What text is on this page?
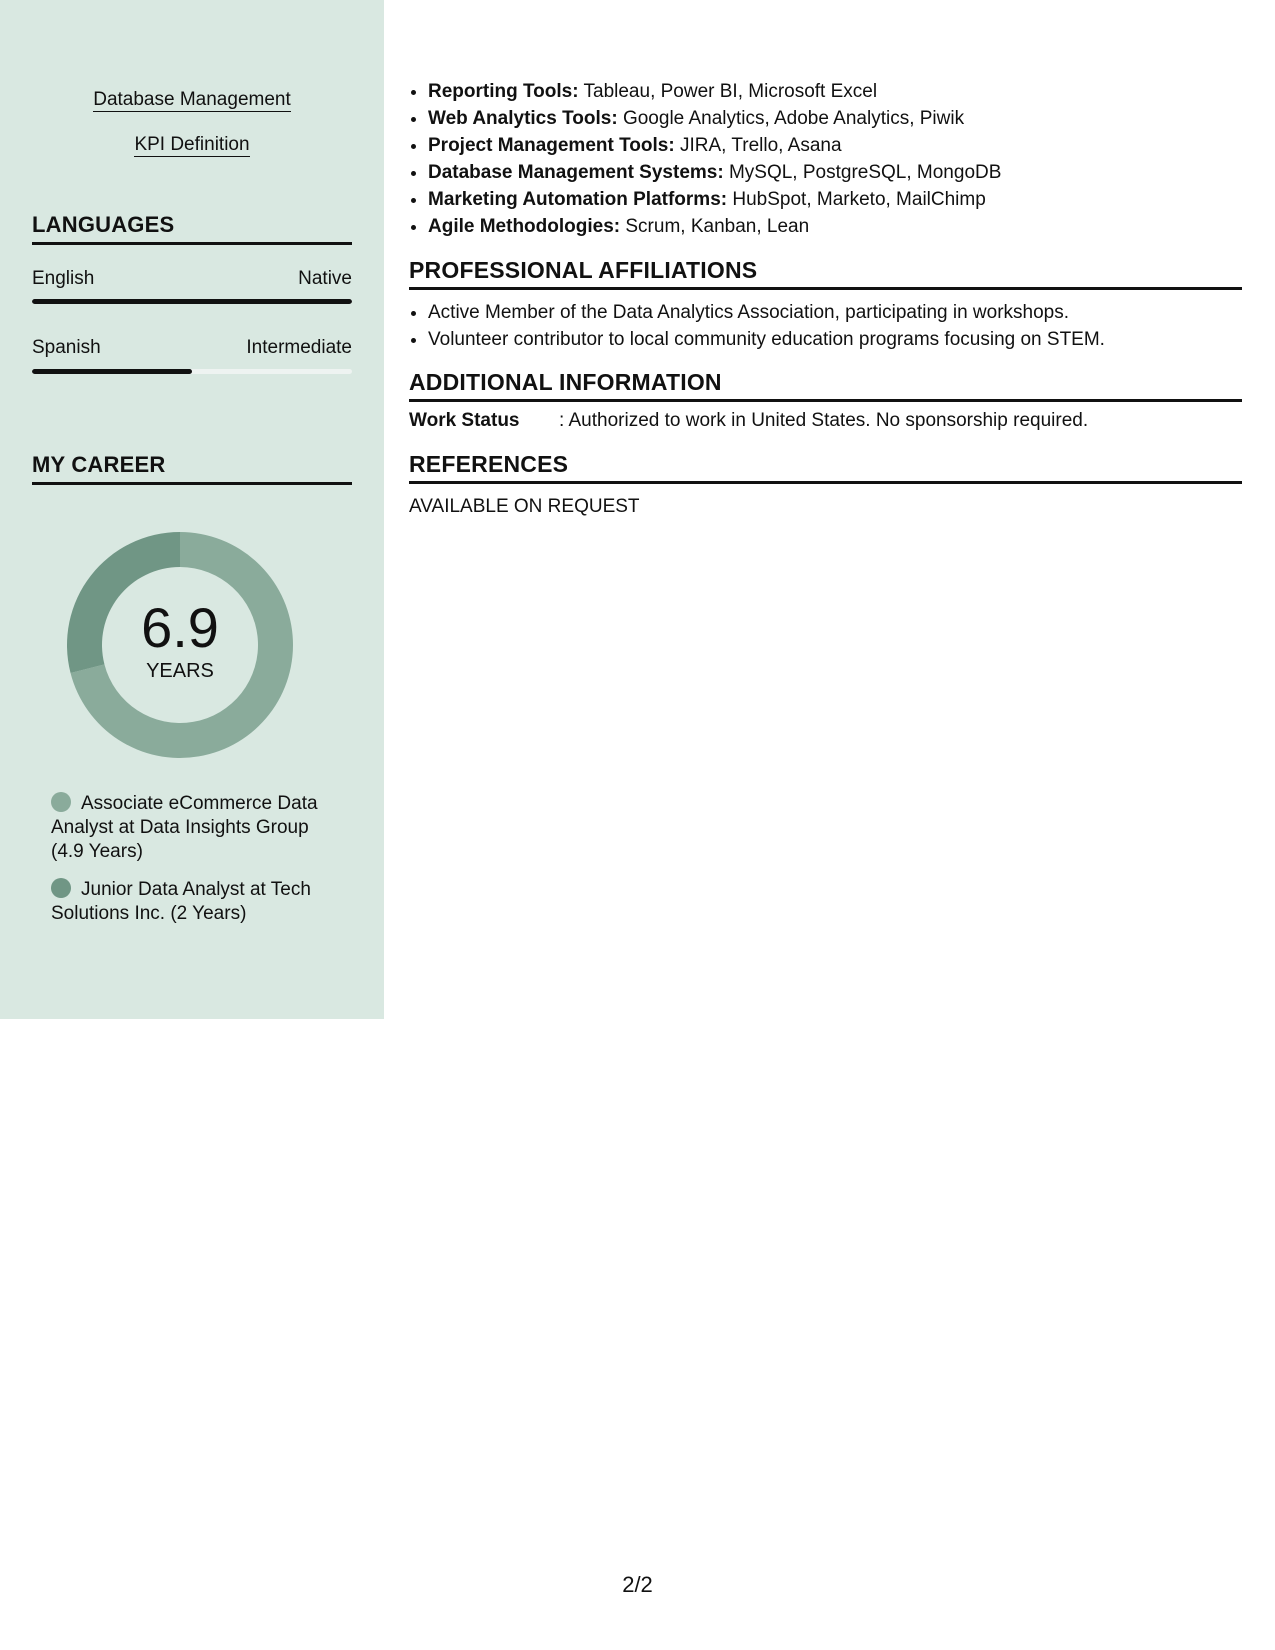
Database Management
KPI Definition
LANGUAGES
English	Native
Spanish	Intermediate
MY CAREER
6.9
YEARS
Associate eCommerce Data Analyst at Data Insights Group (4.9 Years)
Junior Data Analyst at Tech Solutions Inc. (2 Years)
• Reporting Tools: Tableau, Power BI, Microsoft Excel
• Web Analytics Tools: Google Analytics, Adobe Analytics, Piwik
• Project Management Tools: JIRA, Trello, Asana
• Database Management Systems: MySQL, PostgreSQL, MongoDB
• Marketing Automation Platforms: HubSpot, Marketo, MailChimp
• Agile Methodologies: Scrum, Kanban, Lean
PROFESSIONAL AFFILIATIONS
• Active Member of the Data Analytics Association, participating in workshops.
• Volunteer contributor to local community education programs focusing on STEM.
ADDITIONAL INFORMATION
Work Status	: Authorized to work in United States. No sponsorship required.
REFERENCES
AVAILABLE ON REQUEST
2/2
